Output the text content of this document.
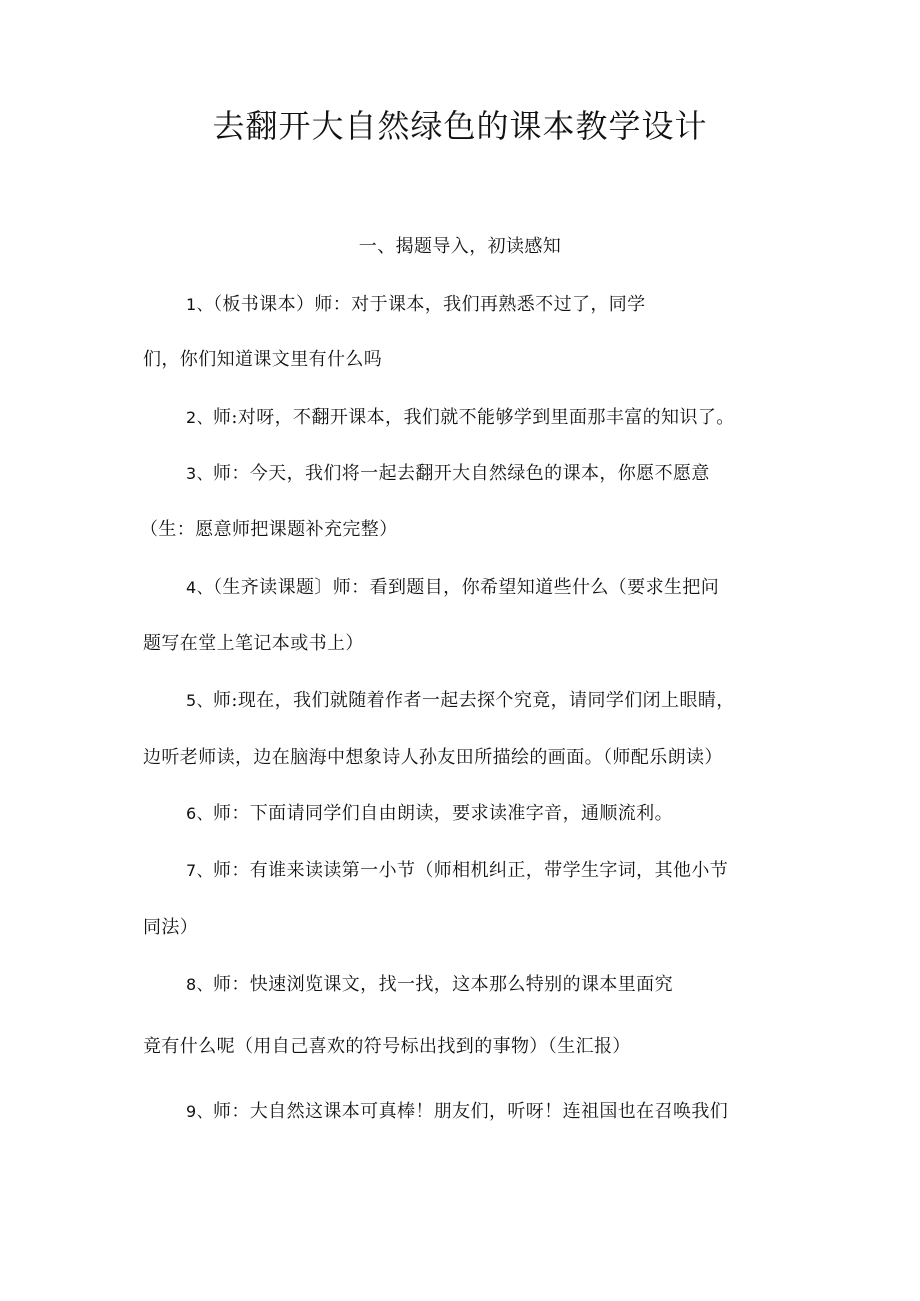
去翻开大自然绿色的课本教学设计
一、揭题导入，初读感知
1、（板书课本）师：对于课本，我们再熟悉不过了，同学
们，你们知道课文里有什么吗
2、师:对呀，不翻开课本，我们就不能够学到里面那丰富的知识了。
3、师：今天，我们将一起去翻开大自然绿色的课本，你愿不愿意
（生：愿意师把课题补充完整）
4、（生齐读课题〕师：看到题目，你希望知道些什么（要求生把问
题写在堂上笔记本或书上）
5、师:现在，我们就随着作者一起去探个究竟，请同学们闭上眼睛，
边听老师读，边在脑海中想象诗人孙友田所描绘的画面。（师配乐朗读）
6、师：下面请同学们自由朗读，要求读准字音，通顺流利。
7、师：有谁来读读第一小节（师相机纠正，带学生字词，其他小节
同法）
8、师：快速浏览课文，找一找，这本那么特别的课本里面究
竟有什么呢（用自己喜欢的符号标出找到的事物）（生汇报）
9、师：大自然这课本可真棒！朋友们，听呀！连祖国也在召唤我们
